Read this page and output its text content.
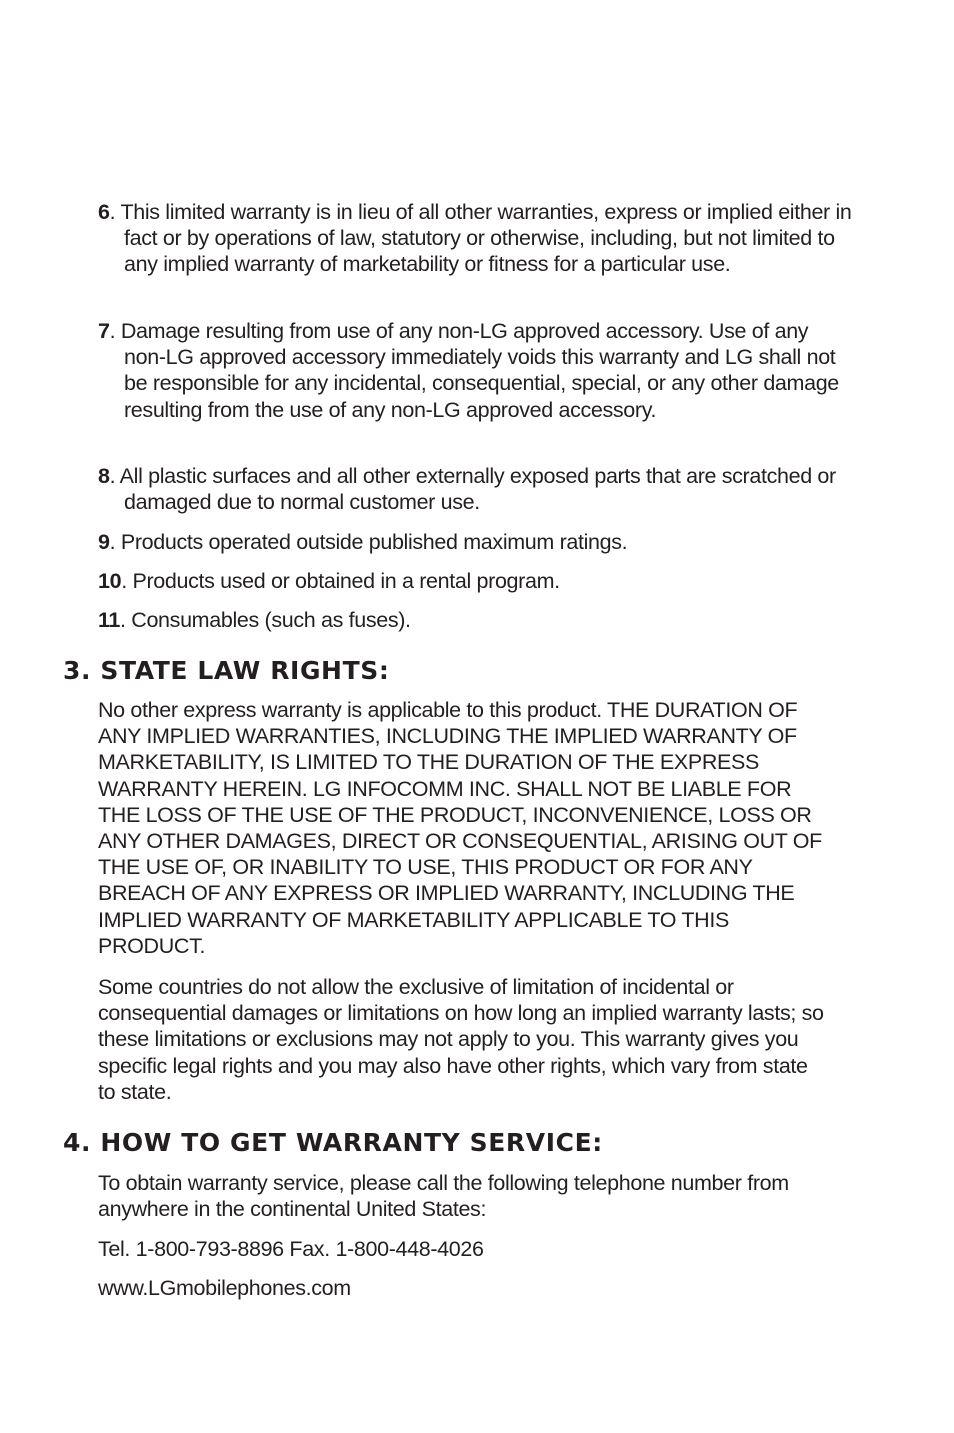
6. This limited warranty is in lieu of all other warranties, express or implied either in fact or by operations of law, statutory or otherwise, including, but not limited to any implied warranty of marketability or fitness for a particular use.
7. Damage resulting from use of any non-LG approved accessory. Use of any non-LG approved accessory immediately voids this warranty and LG shall not be responsible for any incidental, consequential, special, or any other damage resulting from the use of any non-LG approved accessory.
8. All plastic surfaces and all other externally exposed parts that are scratched or damaged due to normal customer use.
9. Products operated outside published maximum ratings.
10. Products used or obtained in a rental program.
11. Consumables (such as fuses).
3. STATE LAW RIGHTS:
No other express warranty is applicable to this product. THE DURATION OF ANY IMPLIED WARRANTIES, INCLUDING THE IMPLIED WARRANTY OF MARKETABILITY, IS LIMITED TO THE DURATION OF THE EXPRESS WARRANTY HEREIN. LG INFOCOMM INC. SHALL NOT BE LIABLE FOR THE LOSS OF THE USE OF THE PRODUCT, INCONVENIENCE, LOSS OR ANY OTHER DAMAGES, DIRECT OR CONSEQUENTIAL, ARISING OUT OF THE USE OF, OR INABILITY TO USE, THIS PRODUCT OR FOR ANY BREACH OF ANY EXPRESS OR IMPLIED WARRANTY, INCLUDING THE IMPLIED WARRANTY OF MARKETABILITY APPLICABLE TO THIS PRODUCT.
Some countries do not allow the exclusive of limitation of incidental or consequential damages or limitations on how long an implied warranty lasts; so these limitations or exclusions may not apply to you. This warranty gives you specific legal rights and you may also have other rights, which vary from state to state.
4. HOW TO GET WARRANTY SERVICE:
To obtain warranty service, please call the following telephone number from anywhere in the continental United States:
Tel. 1-800-793-8896 Fax. 1-800-448-4026
www.LGmobilephones.com
